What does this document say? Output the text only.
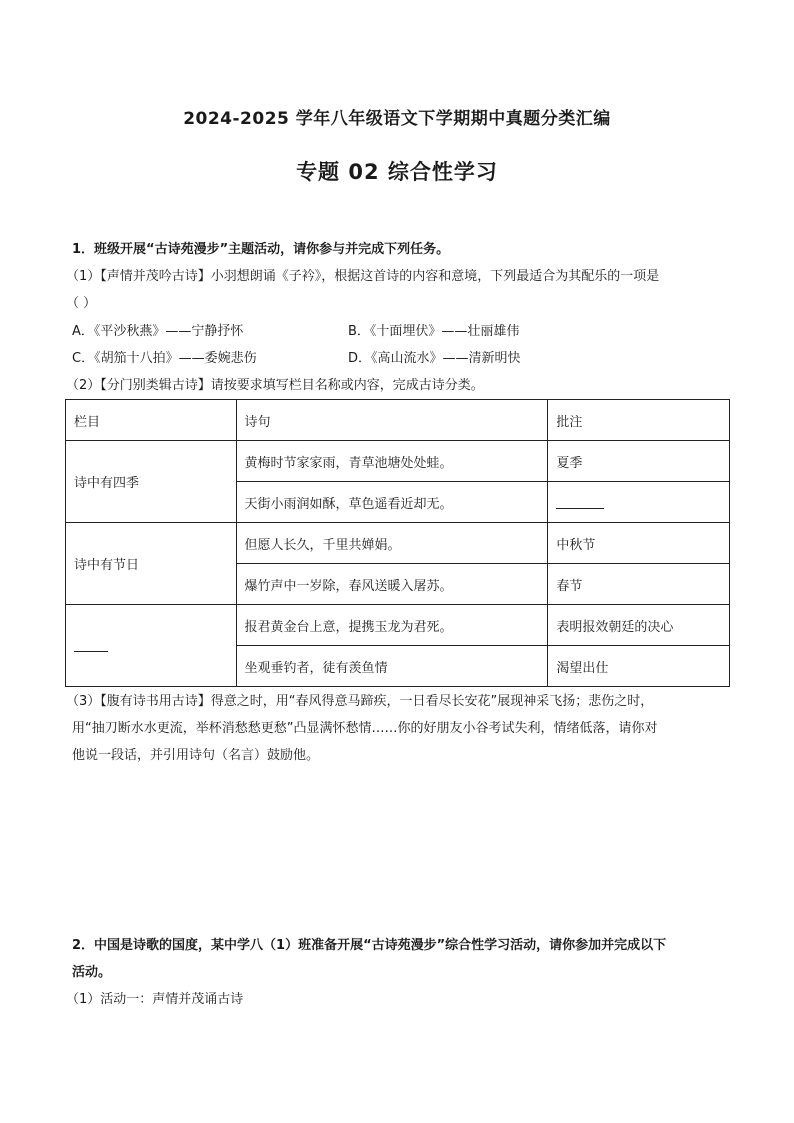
2024-2025 学年八年级语文下学期期中真题分类汇编
专题 02 综合性学习
1．班级开展“古诗苑漫步”主题活动，请你参与并完成下列任务。
（1）【声情并茂吟古诗】小羽想朗诵《子衿》，根据这首诗的内容和意境，下列最适合为其配乐的一项是
（ ）
A．《平沙秋燕》——宁静抒怀	B．《十面埋伏》——壮丽雄伟
C．《胡笳十八拍》——委婉悲伤	D．《高山流水》——清新明快
（2）【分门别类辑古诗】请按要求填写栏目名称或内容，完成古诗分类。
栏目	诗句	批注
诗中有四季	黄梅时节家家雨，青草池塘处处蛙。	夏季
	天街小雨润如酥，草色遥看近却无。	
诗中有节日	但愿人长久，千里共婵娟。	中秋节
	爆竹声中一岁除，春风送暖入屠苏。	春节
	报君黄金台上意，提携玉龙为君死。	表明报效朝廷的决心
	坐观垂钓者，徒有羡鱼情	渴望出仕
（3）【腹有诗书用古诗】得意之时，用“春风得意马蹄疾，一日看尽长安花”展现神采飞扬；悲伤之时，
用“抽刀断水水更流，举杯消愁愁更愁”凸显满怀愁情……你的好朋友小谷考试失利，情绪低落，请你对
他说一段话，并引用诗句（名言）鼓励他。
2．中国是诗歌的国度，某中学八（1）班准备开展“古诗苑漫步”综合性学习活动，请你参加并完成以下
活动。
（1）活动一：声情并茂诵古诗
